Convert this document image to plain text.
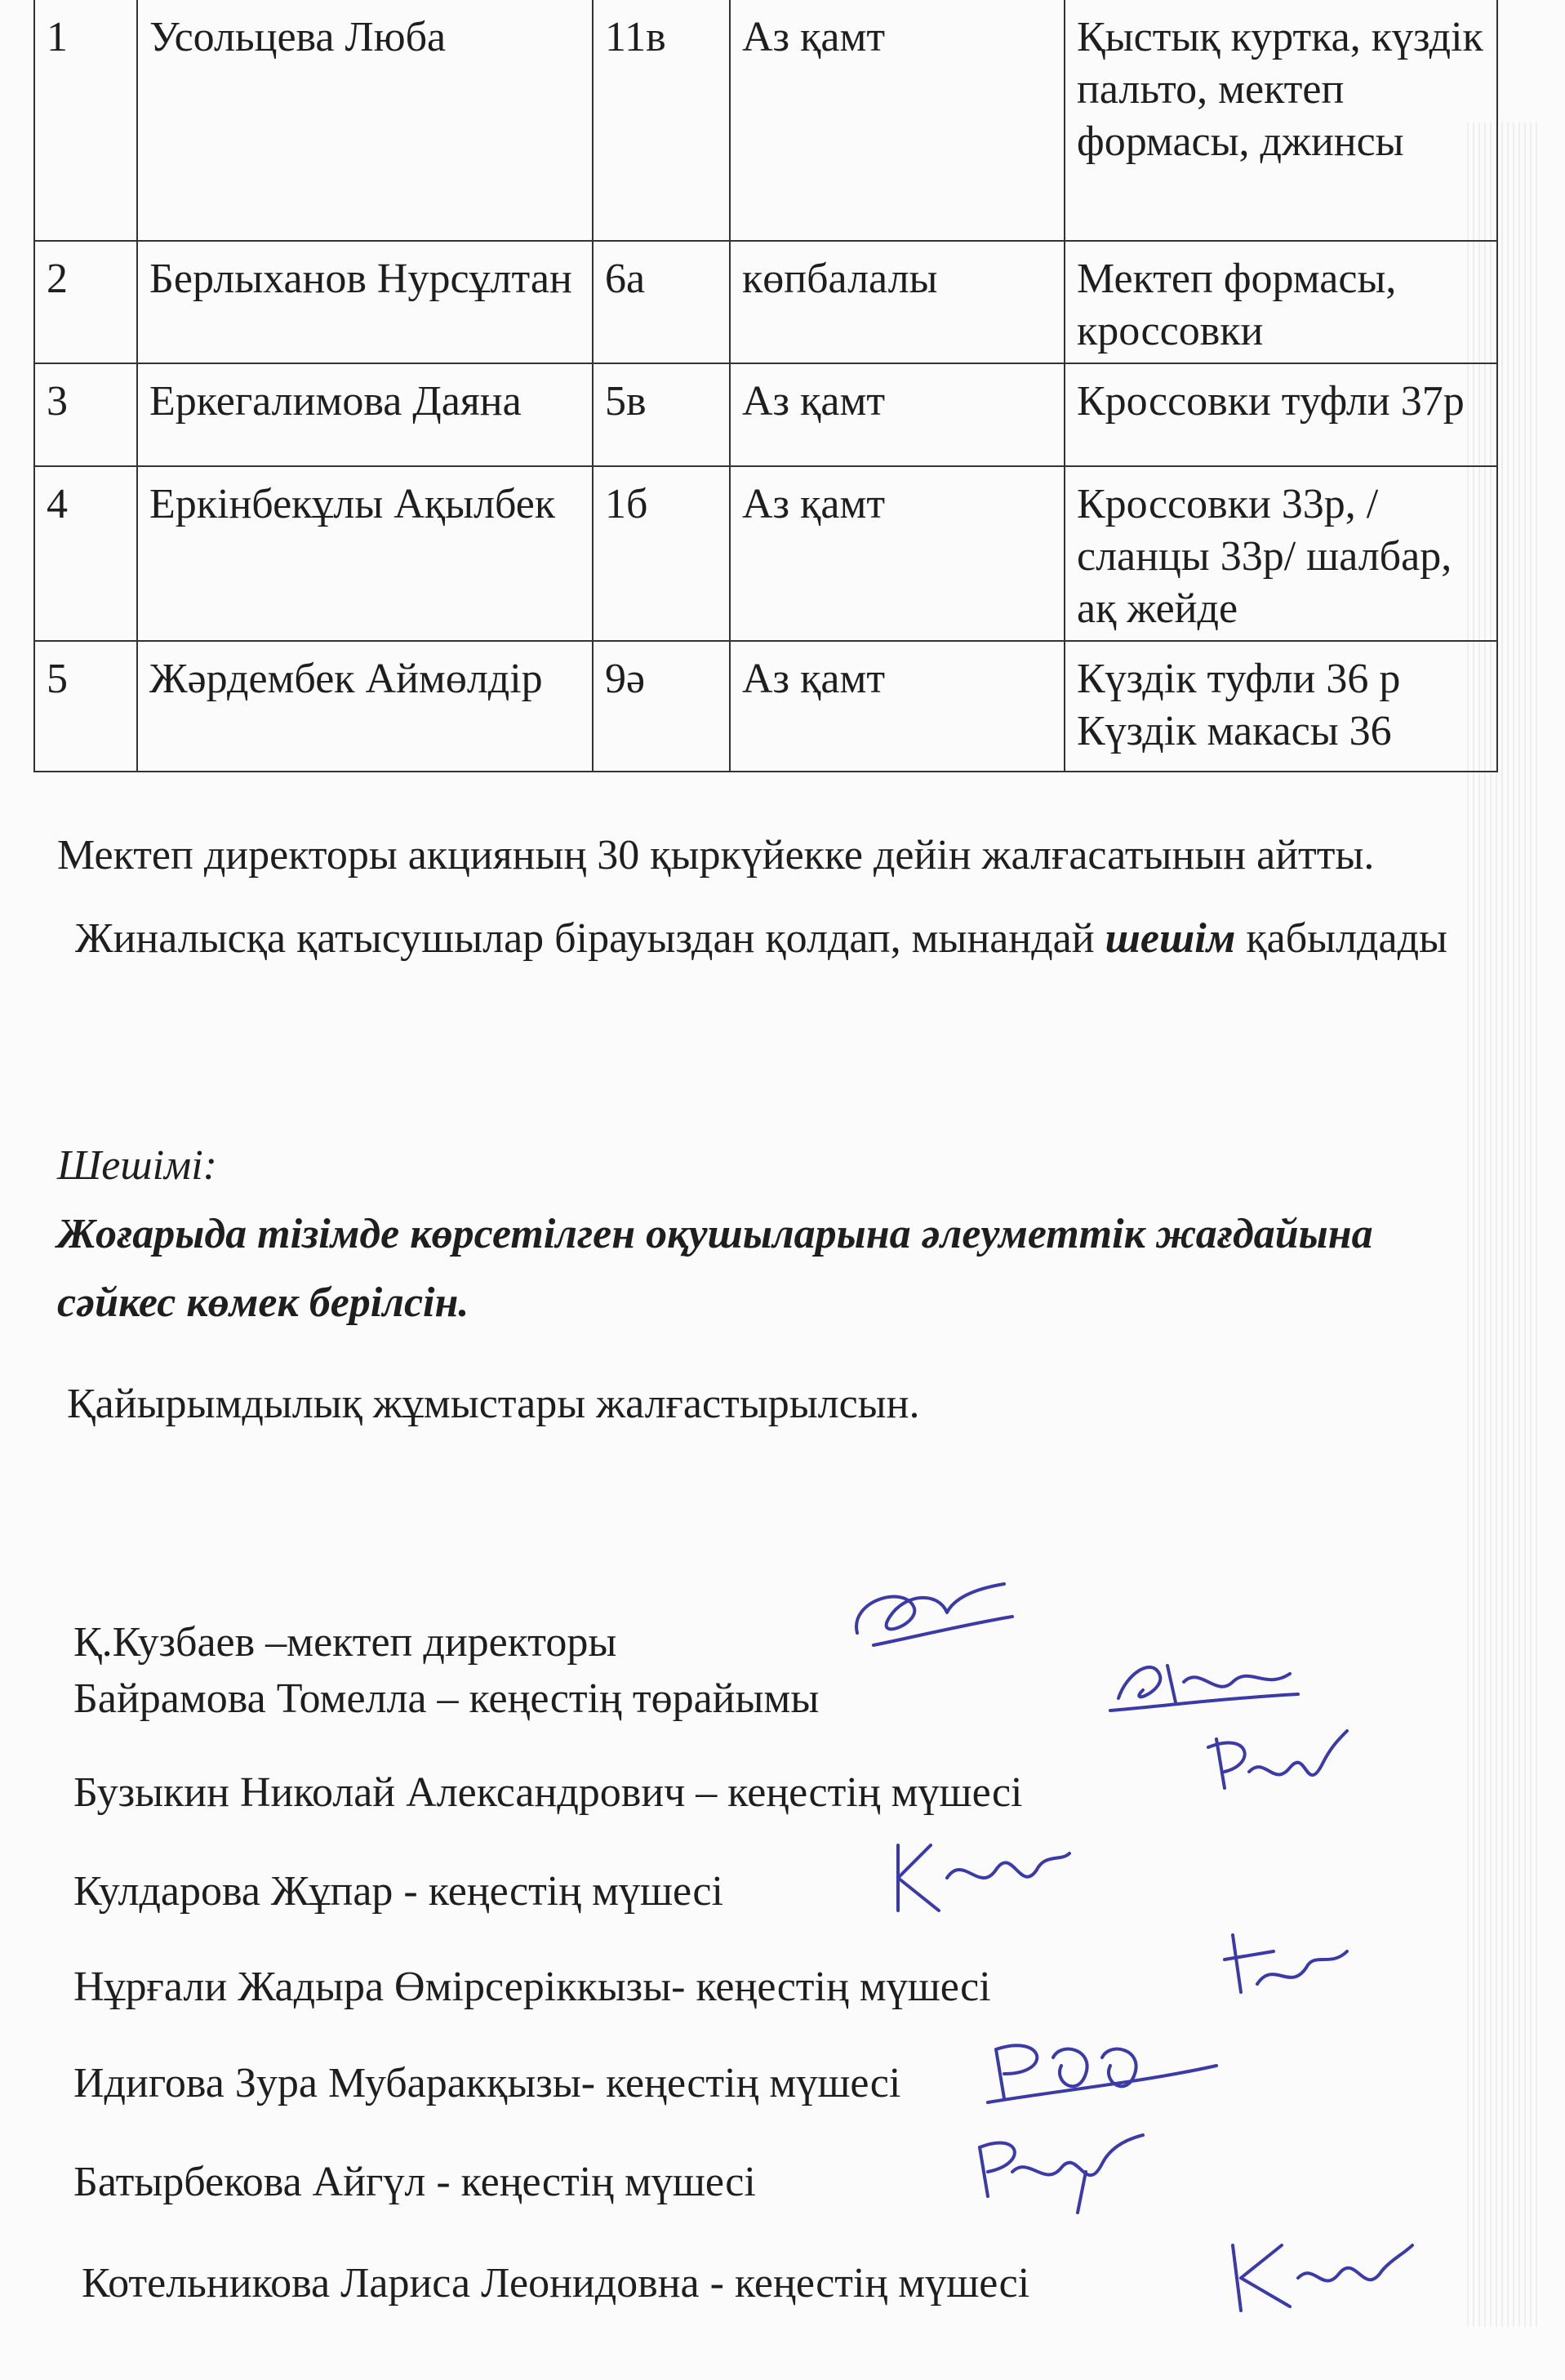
1	Усольцева Люба	11в	Аз қамт	Қыстық куртка, күздік пальто, мектеп формасы, джинсы
2	Берлыханов Нурсұлтан	6а	көпбалалы	Мектеп формасы, кроссовки
3	Еркегалимова Даяна	5в	Аз қамт	Кроссовки туфли 37р
4	Еркінбекұлы Ақылбек	1б	Аз қамт	Кроссовки 33р, /сланцы 33р/ шалбар, ақ жейде
5	Жәрдембек Аймөлдір	9ә	Аз қамт	Күздік туфли 36 р Күздік макасы 36
Мектеп директоры акцияның 30 қыркүйекке дейін жалғасатынын айтты.
Жиналысқа қатысушылар бірауыздан қолдап, мынандай шешім қабылдады
Шешімі:
Жоғарыда тізімде көрсетілген оқушыларына әлеуметтік жағдайына
сәйкес көмек берілсін.
Қайырымдылық жұмыстары жалғастырылсын.
Қ.Кузбаев –мектеп директоры
Байрамова Томелла – кеңестің төрайымы
Бузыкин Николай Александрович – кеңестің мүшесі
Кулдарова Жұпар - кеңестің мүшесі
Нұрғали Жадыра Өмірсеріккызы- кеңестің мүшесі
Идигова Зура Мубаракқызы- кеңестің мүшесі
Батырбекова Айгүл - кеңестің мүшесі
Котельникова Лариса Леонидовна - кеңестің мүшесі
